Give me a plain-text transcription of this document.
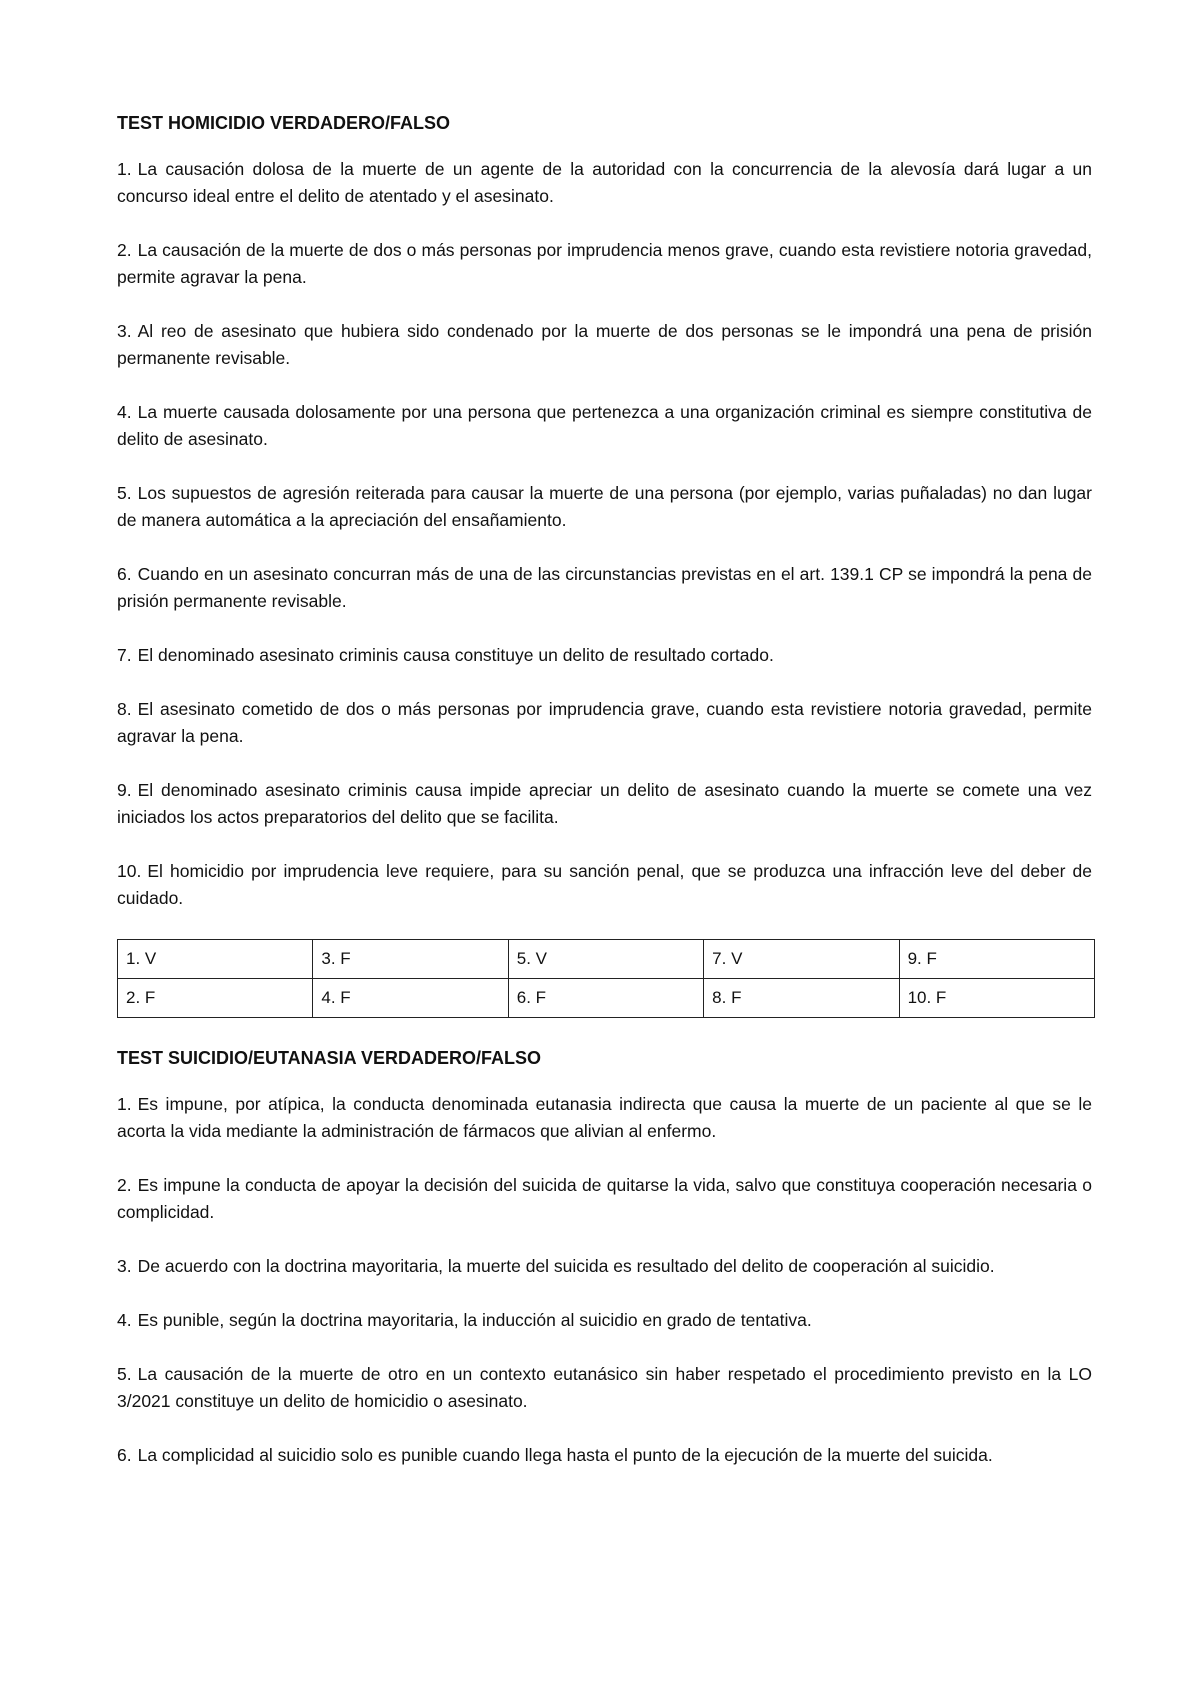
TEST HOMICIDIO VERDADERO/FALSO
1. La causación dolosa de la muerte de un agente de la autoridad con la concurrencia de la alevosía dará lugar a un concurso ideal entre el delito de atentado y el asesinato.
2. La causación de la muerte de dos o más personas por imprudencia menos grave, cuando esta revistiere notoria gravedad, permite agravar la pena.
3. Al reo de asesinato que hubiera sido condenado por la muerte de dos personas se le impondrá una pena de prisión permanente revisable.
4. La muerte causada dolosamente por una persona que pertenezca a una organización criminal es siempre constitutiva de delito de asesinato.
5. Los supuestos de agresión reiterada para causar la muerte de una persona (por ejemplo, varias puñaladas) no dan lugar de manera automática a la apreciación del ensañamiento.
6. Cuando en un asesinato concurran más de una de las circunstancias previstas en el art. 139.1 CP se impondrá la pena de prisión permanente revisable.
7. El denominado asesinato criminis causa constituye un delito de resultado cortado.
8. El asesinato cometido de dos o más personas por imprudencia grave, cuando esta revistiere notoria gravedad, permite agravar la pena.
9. El denominado asesinato criminis causa impide apreciar un delito de asesinato cuando la muerte se comete una vez iniciados los actos preparatorios del delito que se facilita.
10. El homicidio por imprudencia leve requiere, para su sanción penal, que se produzca una infracción leve del deber de cuidado.
1. V	3. F	5. V	7. V	9. F
2. F	4. F	6. F	8. F	10. F
TEST SUICIDIO/EUTANASIA VERDADERO/FALSO
1. Es impune, por atípica, la conducta denominada eutanasia indirecta que causa la muerte de un paciente al que se le acorta la vida mediante la administración de fármacos que alivian al enfermo.
2. Es impune la conducta de apoyar la decisión del suicida de quitarse la vida, salvo que constituya cooperación necesaria o complicidad.
3. De acuerdo con la doctrina mayoritaria, la muerte del suicida es resultado del delito de cooperación al suicidio.
4. Es punible, según la doctrina mayoritaria, la inducción al suicidio en grado de tentativa.
5. La causación de la muerte de otro en un contexto eutanásico sin haber respetado el procedimiento previsto en la LO 3/2021 constituye un delito de homicidio o asesinato.
6. La complicidad al suicidio solo es punible cuando llega hasta el punto de la ejecución de la muerte del suicida.
